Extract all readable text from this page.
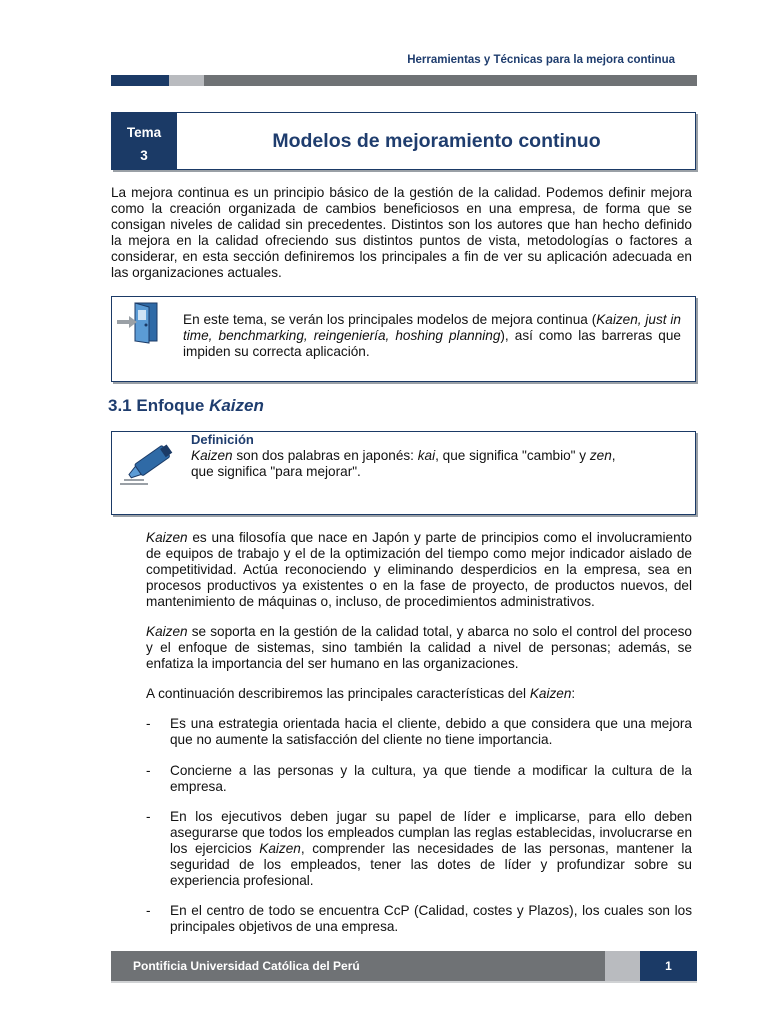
Herramientas y Técnicas para la mejora continua
Tema
3
Modelos de mejoramiento continuo
La mejora continua es un principio básico de la gestión de la calidad. Podemos definir mejora como la creación organizada de cambios beneficiosos en una empresa, de forma que se consigan niveles de calidad sin precedentes. Distintos son los autores que han hecho definido la mejora en la calidad ofreciendo sus distintos puntos de vista, metodologías o factores a considerar, en esta sección definiremos los principales a fin de ver su aplicación adecuada en las organizaciones actuales.
En este tema, se verán los principales modelos de mejora continua (Kaizen, just in time, benchmarking, reingeniería, hoshing planning), así como las barreras que impiden su correcta aplicación.
3.1 Enfoque Kaizen
Definición
Kaizen son dos palabras en japonés: kai, que significa "cambio" y zen,
que significa "para mejorar".
Kaizen es una filosofía que nace en Japón y parte de principios como el involucramiento de equipos de trabajo y el de la optimización del tiempo como mejor indicador aislado de competitividad. Actúa reconociendo y eliminando desperdicios en la empresa, sea en procesos productivos ya existentes o en la fase de proyecto, de productos nuevos, del mantenimiento de máquinas o, incluso, de procedimientos administrativos.
Kaizen se soporta en la gestión de la calidad total, y abarca no solo el control del proceso y el enfoque de sistemas, sino también la calidad a nivel de personas; además, se enfatiza la importancia del ser humano en las organizaciones.
A continuación describiremos las principales características del Kaizen:
- Es una estrategia orientada hacia el cliente, debido a que considera que una mejora que no aumente la satisfacción del cliente no tiene importancia.
- Concierne a las personas y la cultura, ya que tiende a modificar la cultura de la empresa.
- En los ejecutivos deben jugar su papel de líder e implicarse, para ello deben asegurarse que todos los empleados cumplan las reglas establecidas, involucrarse en los ejercicios Kaizen, comprender las necesidades de las personas, mantener la seguridad de los empleados, tener las dotes de líder y profundizar sobre su experiencia profesional.
- En el centro de todo se encuentra CcP (Calidad, costes y Plazos), los cuales son los principales objetivos de una empresa.
1
Pontificia Universidad Católica del Perú
